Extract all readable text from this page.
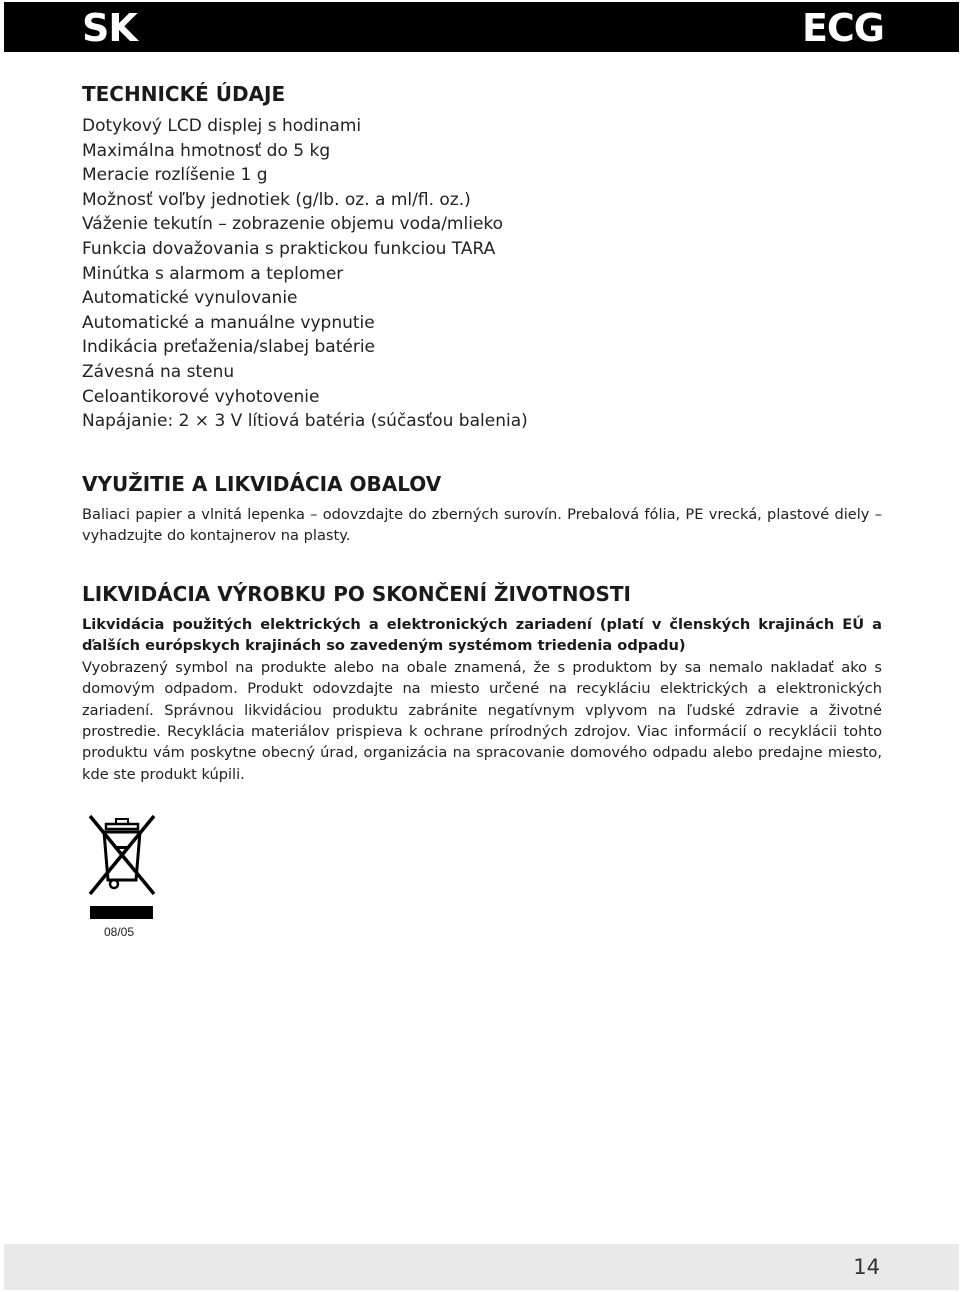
SK	ECG
TECHNICKÉ ÚDAJE
Dotykový LCD displej s hodinami
Maximálna hmotnosť do 5 kg
Meracie rozlíšenie 1 g
Možnosť voľby jednotiek (g/lb. oz. a ml/fl. oz.)
Váženie tekutín – zobrazenie objemu voda/mlieko
Funkcia dovažovania s praktickou funkciou TARA
Minútka s alarmom a teplomer
Automatické vynulovanie
Automatické a manuálne vypnutie
Indikácia preťaženia/slabej batérie
Závesná na stenu
Celoantikorové vyhotovenie
Napájanie: 2 × 3 V lítiová batéria (súčasťou balenia)
VYUŽITIE A LIKVIDÁCIA OBALOV

Baliaci papier a vlnitá lepenka – odovzdajte do zberných surovín. Prebalová fólia, PE vrecká, plastové diely – vyhadzujte do kontajnerov na plasty.

LIKVIDÁCIA VÝROBKU PO SKONČENÍ ŽIVOTNOSTI

Likvidácia použitých elektrických a elektronických zariadení (platí v členských krajinách EÚ a ďalších európskych krajinách so zavedeným systémom triedenia odpadu)

Vyobrazený symbol na produkte alebo na obale znamená, že s produktom by sa nemalo nakladať ako s domovým odpadom. Produkt odovzdajte na miesto určené na recykláciu elektrických a elektronických zariadení. Správnou likvidáciou produktu zabránite negatívnym vplyvom na ľudské zdravie a životné prostredie. Recyklácia materiálov prispieva k ochrane prírodných zdrojov. Viac informácií o recyklácii tohto produktu vám poskytne obecný úrad, organizácia na spracovanie domového odpadu alebo predajne miesto, kde ste produkt kúpili.

08/05
14
